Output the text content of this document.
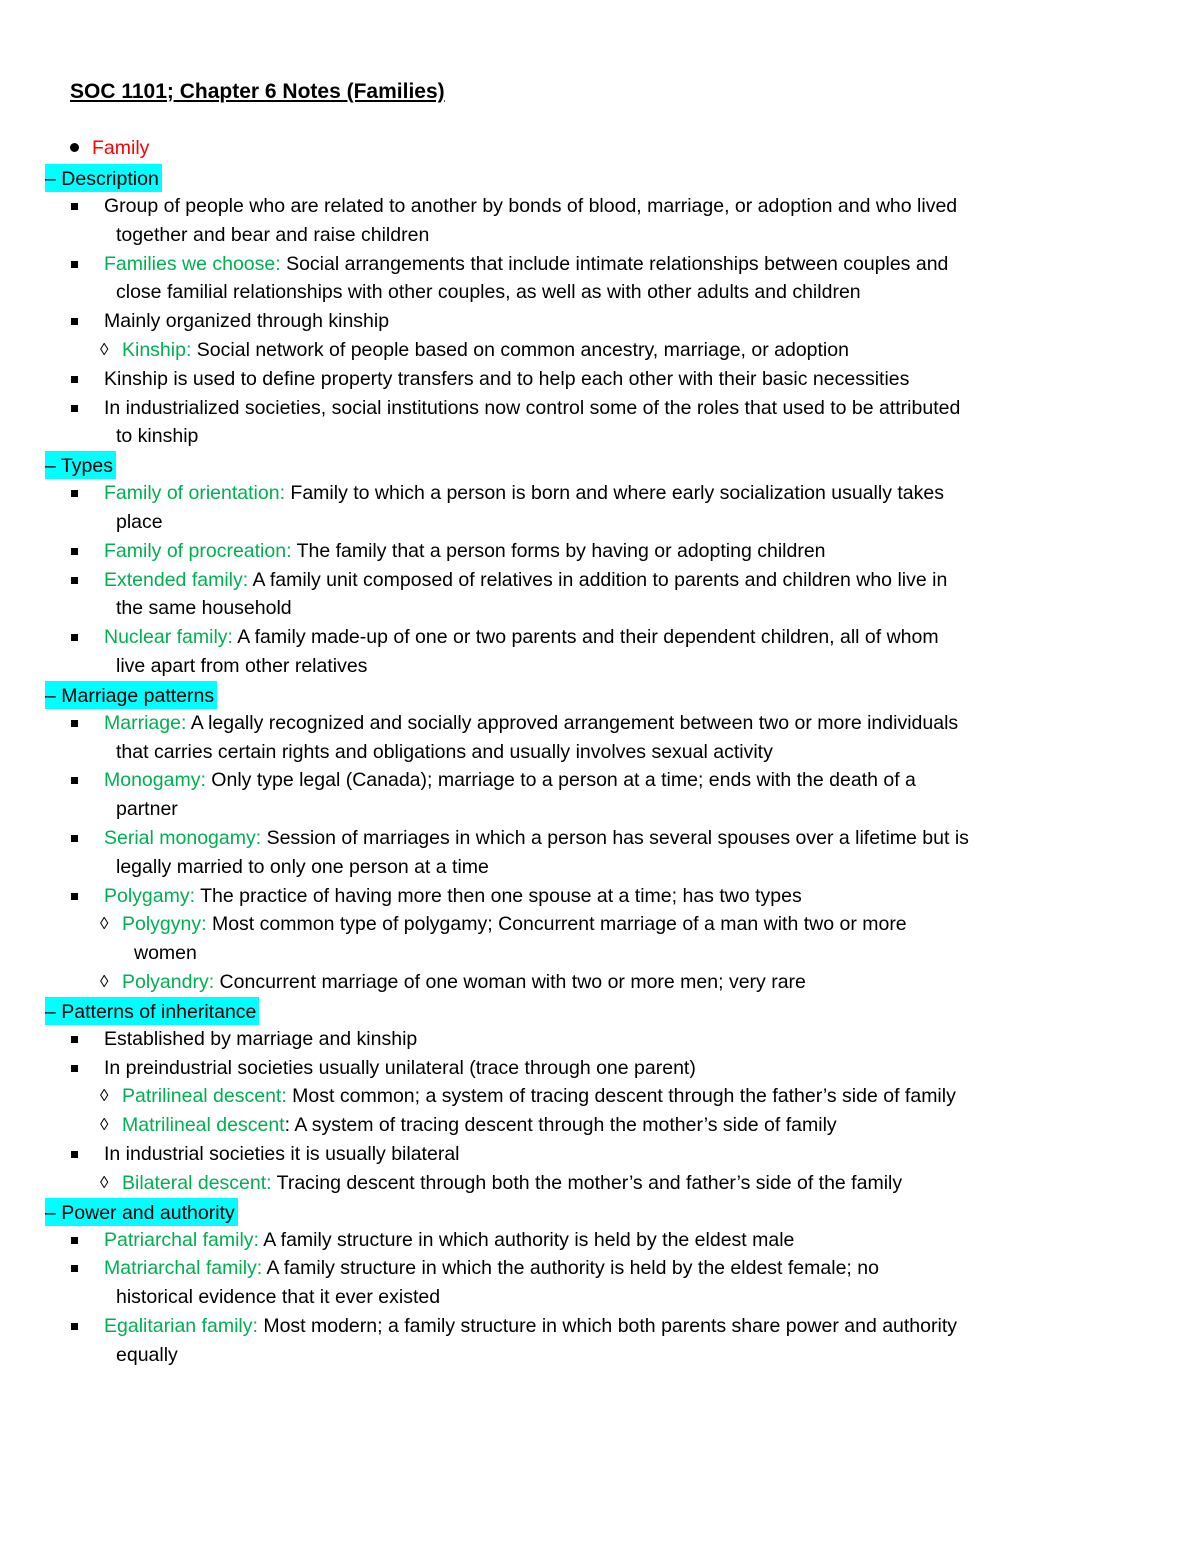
SOC 1101; Chapter 6 Notes (Families)
Family
– Description
Group of people who are related to another by bonds of blood, marriage, or adoption and who lived
together and bear and raise children
Families we choose: Social arrangements that include intimate relationships between couples and
close familial relationships with other couples, as well as with other adults and children
Mainly organized through kinship
◊ Kinship: Social network of people based on common ancestry, marriage, or adoption
Kinship is used to define property transfers and to help each other with their basic necessities
In industrialized societies, social institutions now control some of the roles that used to be attributed
to kinship
– Types
Family of orientation: Family to which a person is born and where early socialization usually takes
place
Family of procreation: The family that a person forms by having or adopting children
Extended family: A family unit composed of relatives in addition to parents and children who live in
the same household
Nuclear family: A family made-up of one or two parents and their dependent children, all of whom
live apart from other relatives
– Marriage patterns
Marriage: A legally recognized and socially approved arrangement between two or more individuals
that carries certain rights and obligations and usually involves sexual activity
Monogamy: Only type legal (Canada); marriage to a person at a time; ends with the death of a
partner
Serial monogamy: Session of marriages in which a person has several spouses over a lifetime but is
legally married to only one person at a time
Polygamy: The practice of having more then one spouse at a time; has two types
◊ Polygyny: Most common type of polygamy; Concurrent marriage of a man with two or more
women
◊ Polyandry: Concurrent marriage of one woman with two or more men; very rare
– Patterns of inheritance
Established by marriage and kinship
In preindustrial societies usually unilateral (trace through one parent)
◊ Patrilineal descent: Most common; a system of tracing descent through the father’s side of family
◊ Matrilineal descent: A system of tracing descent through the mother’s side of family
In industrial societies it is usually bilateral
◊ Bilateral descent: Tracing descent through both the mother’s and father’s side of the family
– Power and authority
Patriarchal family: A family structure in which authority is held by the eldest male
Matriarchal family: A family structure in which the authority is held by the eldest female; no
historical evidence that it ever existed
Egalitarian family: Most modern; a family structure in which both parents share power and authority
equally
